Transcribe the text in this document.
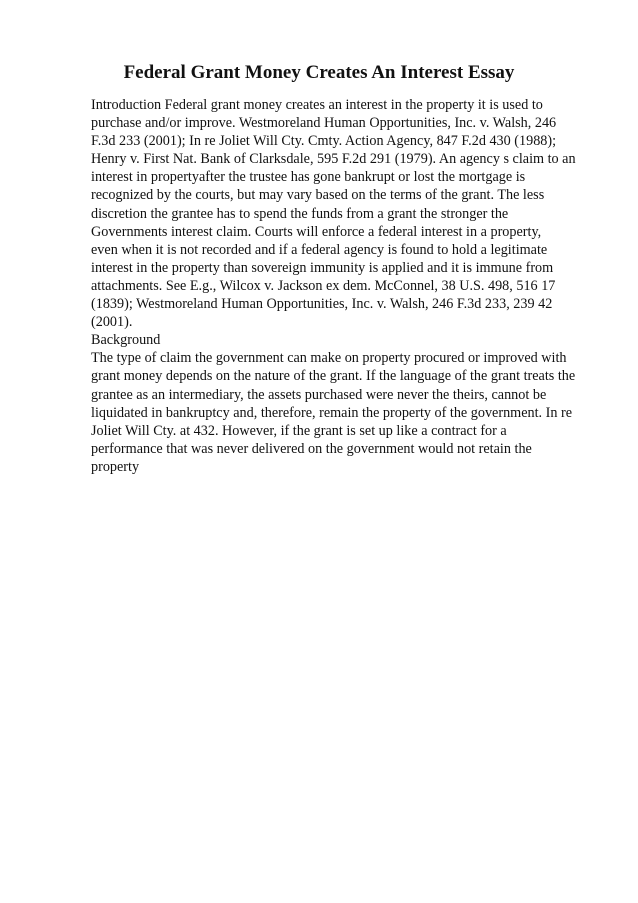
Federal Grant Money Creates An Interest Essay
Introduction Federal grant money creates an interest in the property it is used to
purchase and/or improve. Westmoreland Human Opportunities, Inc. v. Walsh, 246
F.3d 233 (2001); In re Joliet Will Cty. Cmty. Action Agency, 847 F.2d 430 (1988);
Henry v. First Nat. Bank of Clarksdale, 595 F.2d 291 (1979). An agency s claim to an
interest in propertyafter the trustee has gone bankrupt or lost the mortgage is
recognized by the courts, but may vary based on the terms of the grant. The less
discretion the grantee has to spend the funds from a grant the stronger the
Governments interest claim. Courts will enforce a federal interest in a property,
even when it is not recorded and if a federal agency is found to hold a legitimate
interest in the property than sovereign immunity is applied and it is immune from
attachments. See E.g., Wilcox v. Jackson ex dem. McConnel, 38 U.S. 498, 516 17
(1839); Westmoreland Human Opportunities, Inc. v. Walsh, 246 F.3d 233, 239 42
(2001).
Background
The type of claim the government can make on property procured or improved with
grant money depends on the nature of the grant. If the language of the grant treats the
grantee as an intermediary, the assets purchased were never the theirs, cannot be
liquidated in bankruptcy and, therefore, remain the property of the government. In re
Joliet Will Cty. at 432. However, if the grant is set up like a contract for a
performance that was never delivered on the government would not retain the
property
